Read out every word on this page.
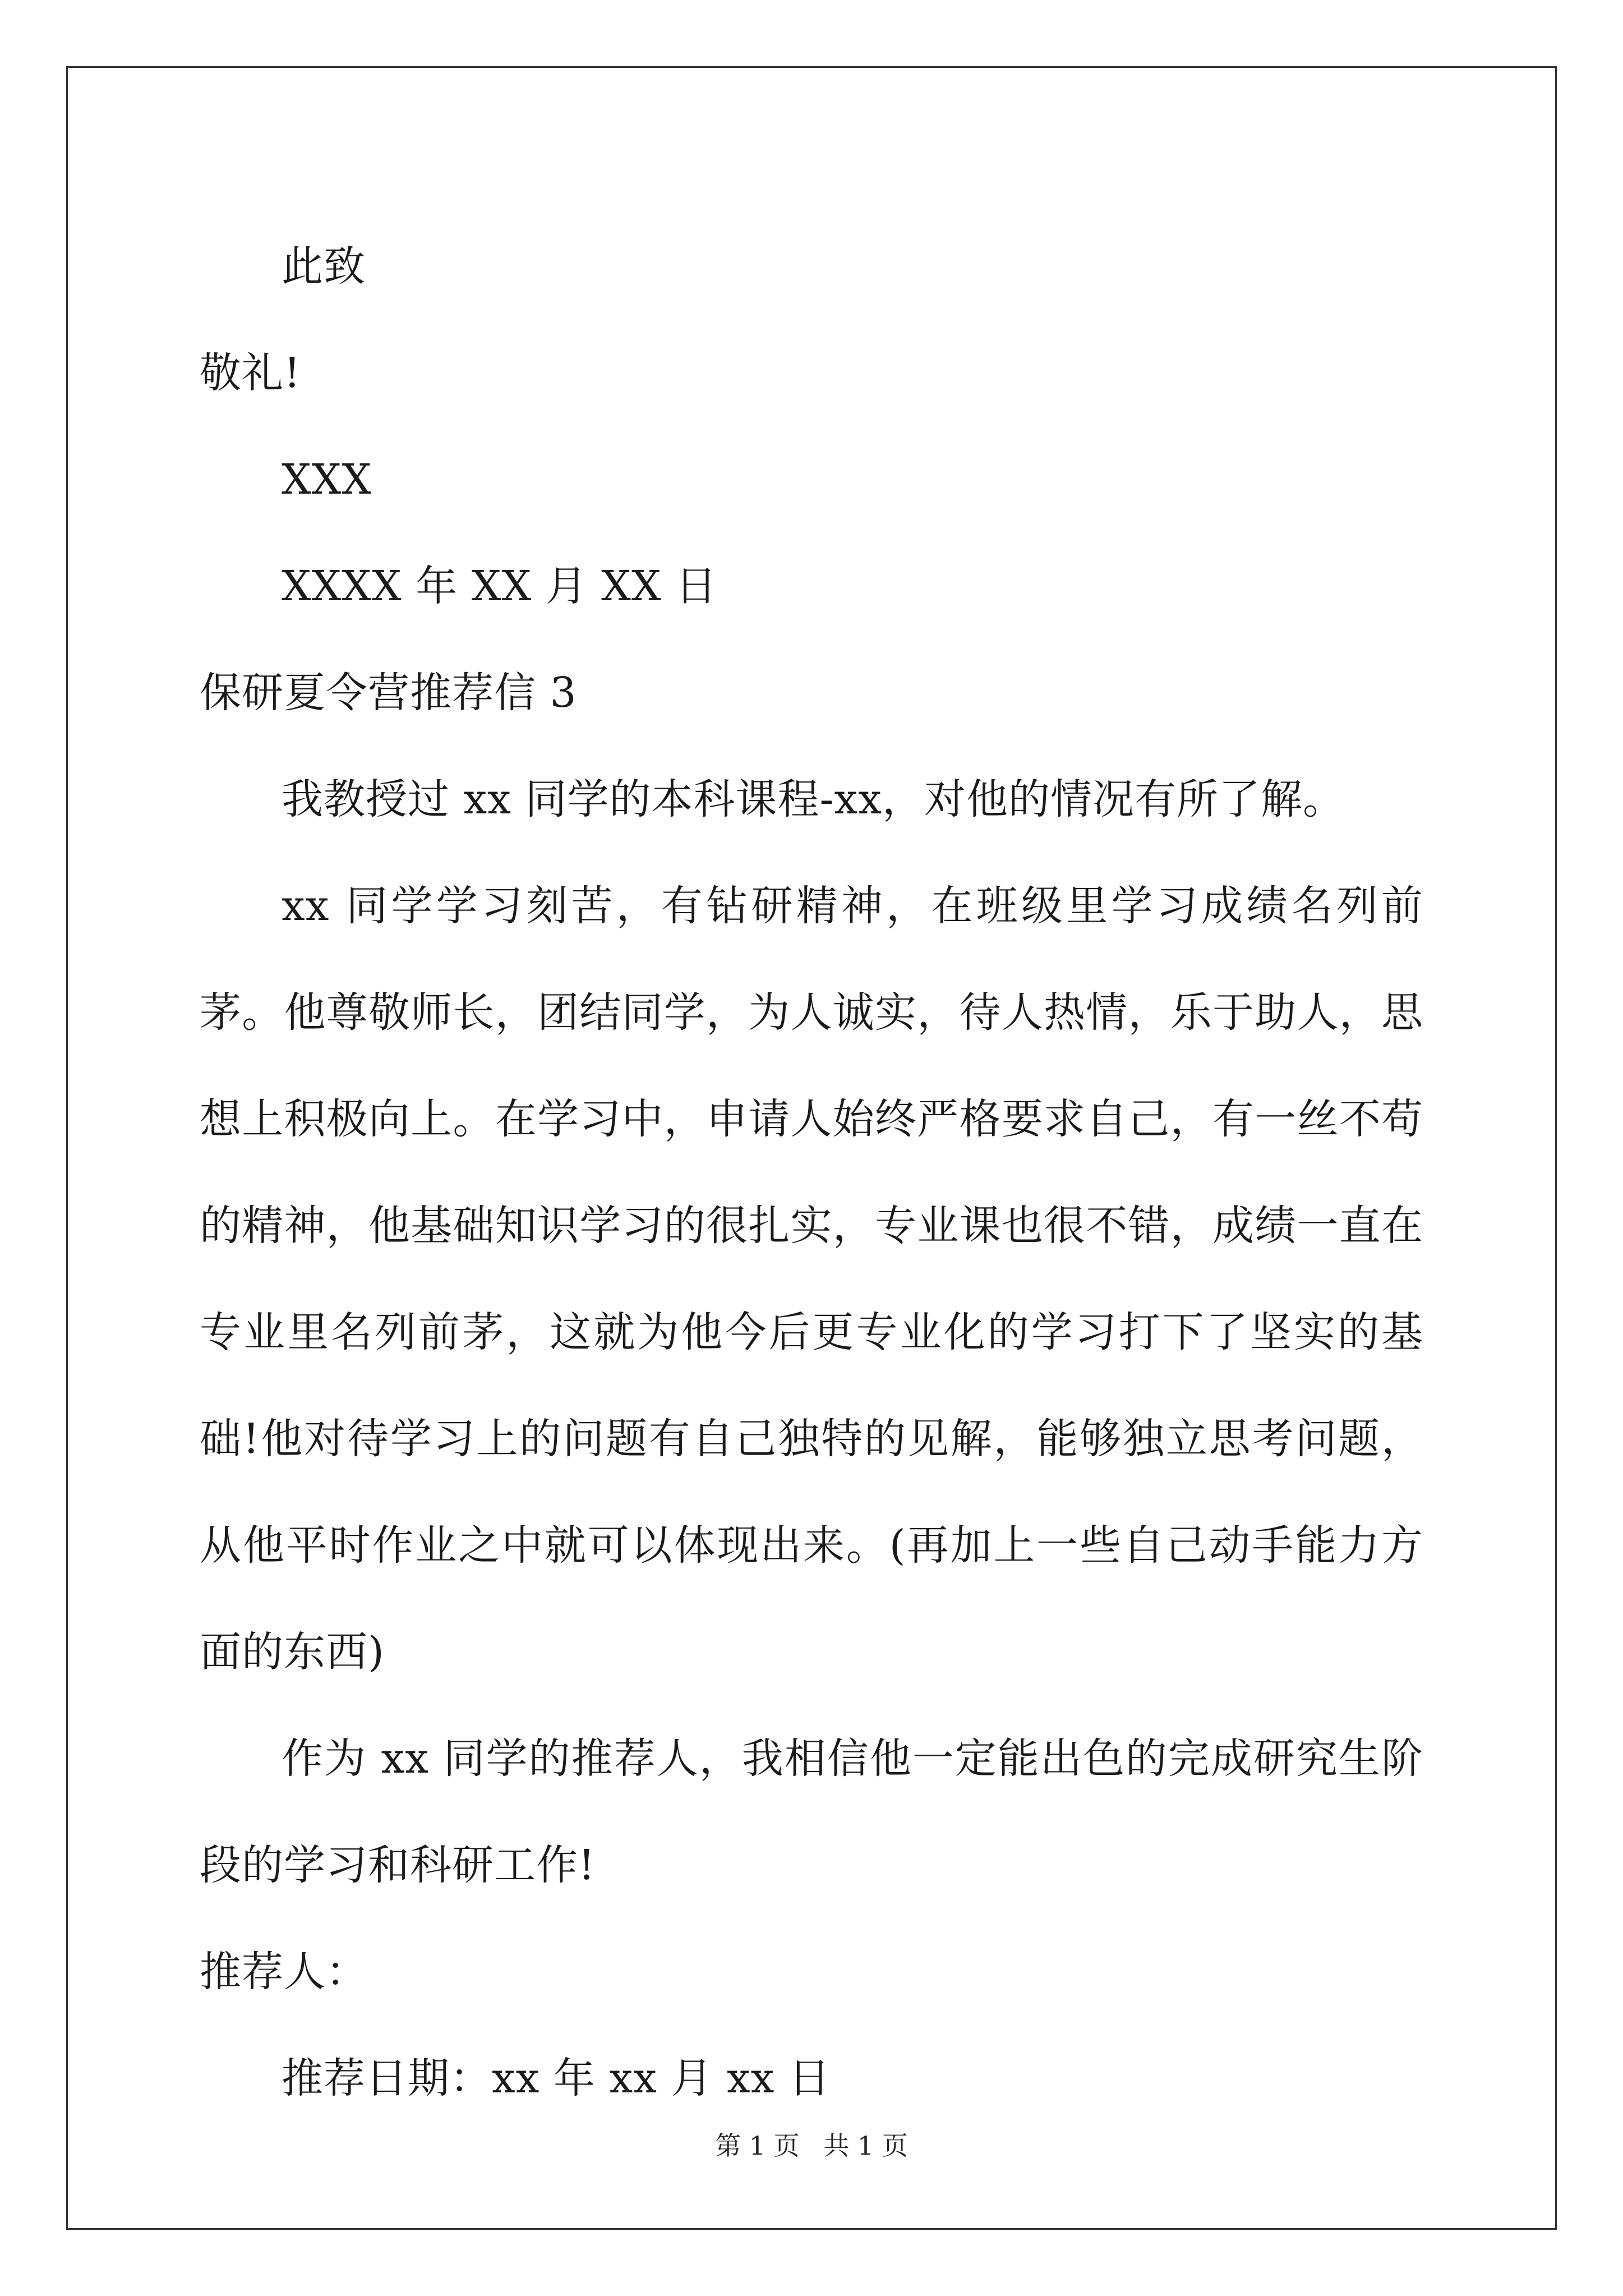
此致
敬礼!
XXX
XXXX 年 XX 月 XX 日
保研夏令营推荐信 3
我教授过 xx 同学的本科课程-xx，对他的情况有所了解。
xx 同学学习刻苦，有钻研精神，在班级里学习成绩名列前茅。他尊敬师长，团结同学，为人诚实，待人热情，乐于助人，思想上积极向上。在学习中，申请人始终严格要求自己，有一丝不苟的精神，他基础知识学习的很扎实，专业课也很不错，成绩一直在专业里名列前茅，这就为他今后更专业化的学习打下了坚实的基础!他对待学习上的问题有自己独特的见解，能够独立思考问题，从他平时作业之中就可以体现出来。(再加上一些自己动手能力方面的东西)
作为 xx 同学的推荐人，我相信他一定能出色的完成研究生阶段的学习和科研工作!
推荐人：
推荐日期：xx 年 xx 月 xx 日
第 1 页 共 1 页
